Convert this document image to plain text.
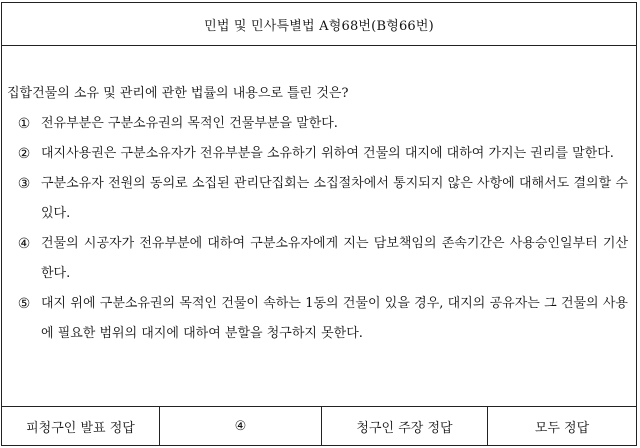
민법 및 민사특별법 A형68번(B형66번)
집합건물의 소유 및 관리에 관한 법률의 내용으로 틀린 것은?
① 전유부분은 구분소유권의 목적인 건물부분을 말한다.
② 대지사용권은 구분소유자가 전유부분을 소유하기 위하여 건물의 대지에 대하여 가지는 권리를 말한다.
③ 구분소유자 전원의 동의로 소집된 관리단집회는 소집절차에서 통지되지 않은 사항에 대해서도 결의할 수 있다.
④ 건물의 시공자가 전유부분에 대하여 구분소유자에게 지는 담보책임의 존속기간은 사용승인일부터 기산한다.
⑤ 대지 위에 구분소유권의 목적인 건물이 속하는 1동의 건물이 있을 경우, 대지의 공유자는 그 건물의 사용에 필요한 범위의 대지에 대하여 분할을 청구하지 못한다.
피청구인 발표 정답	④	청구인 주장 정답	모두 정답
